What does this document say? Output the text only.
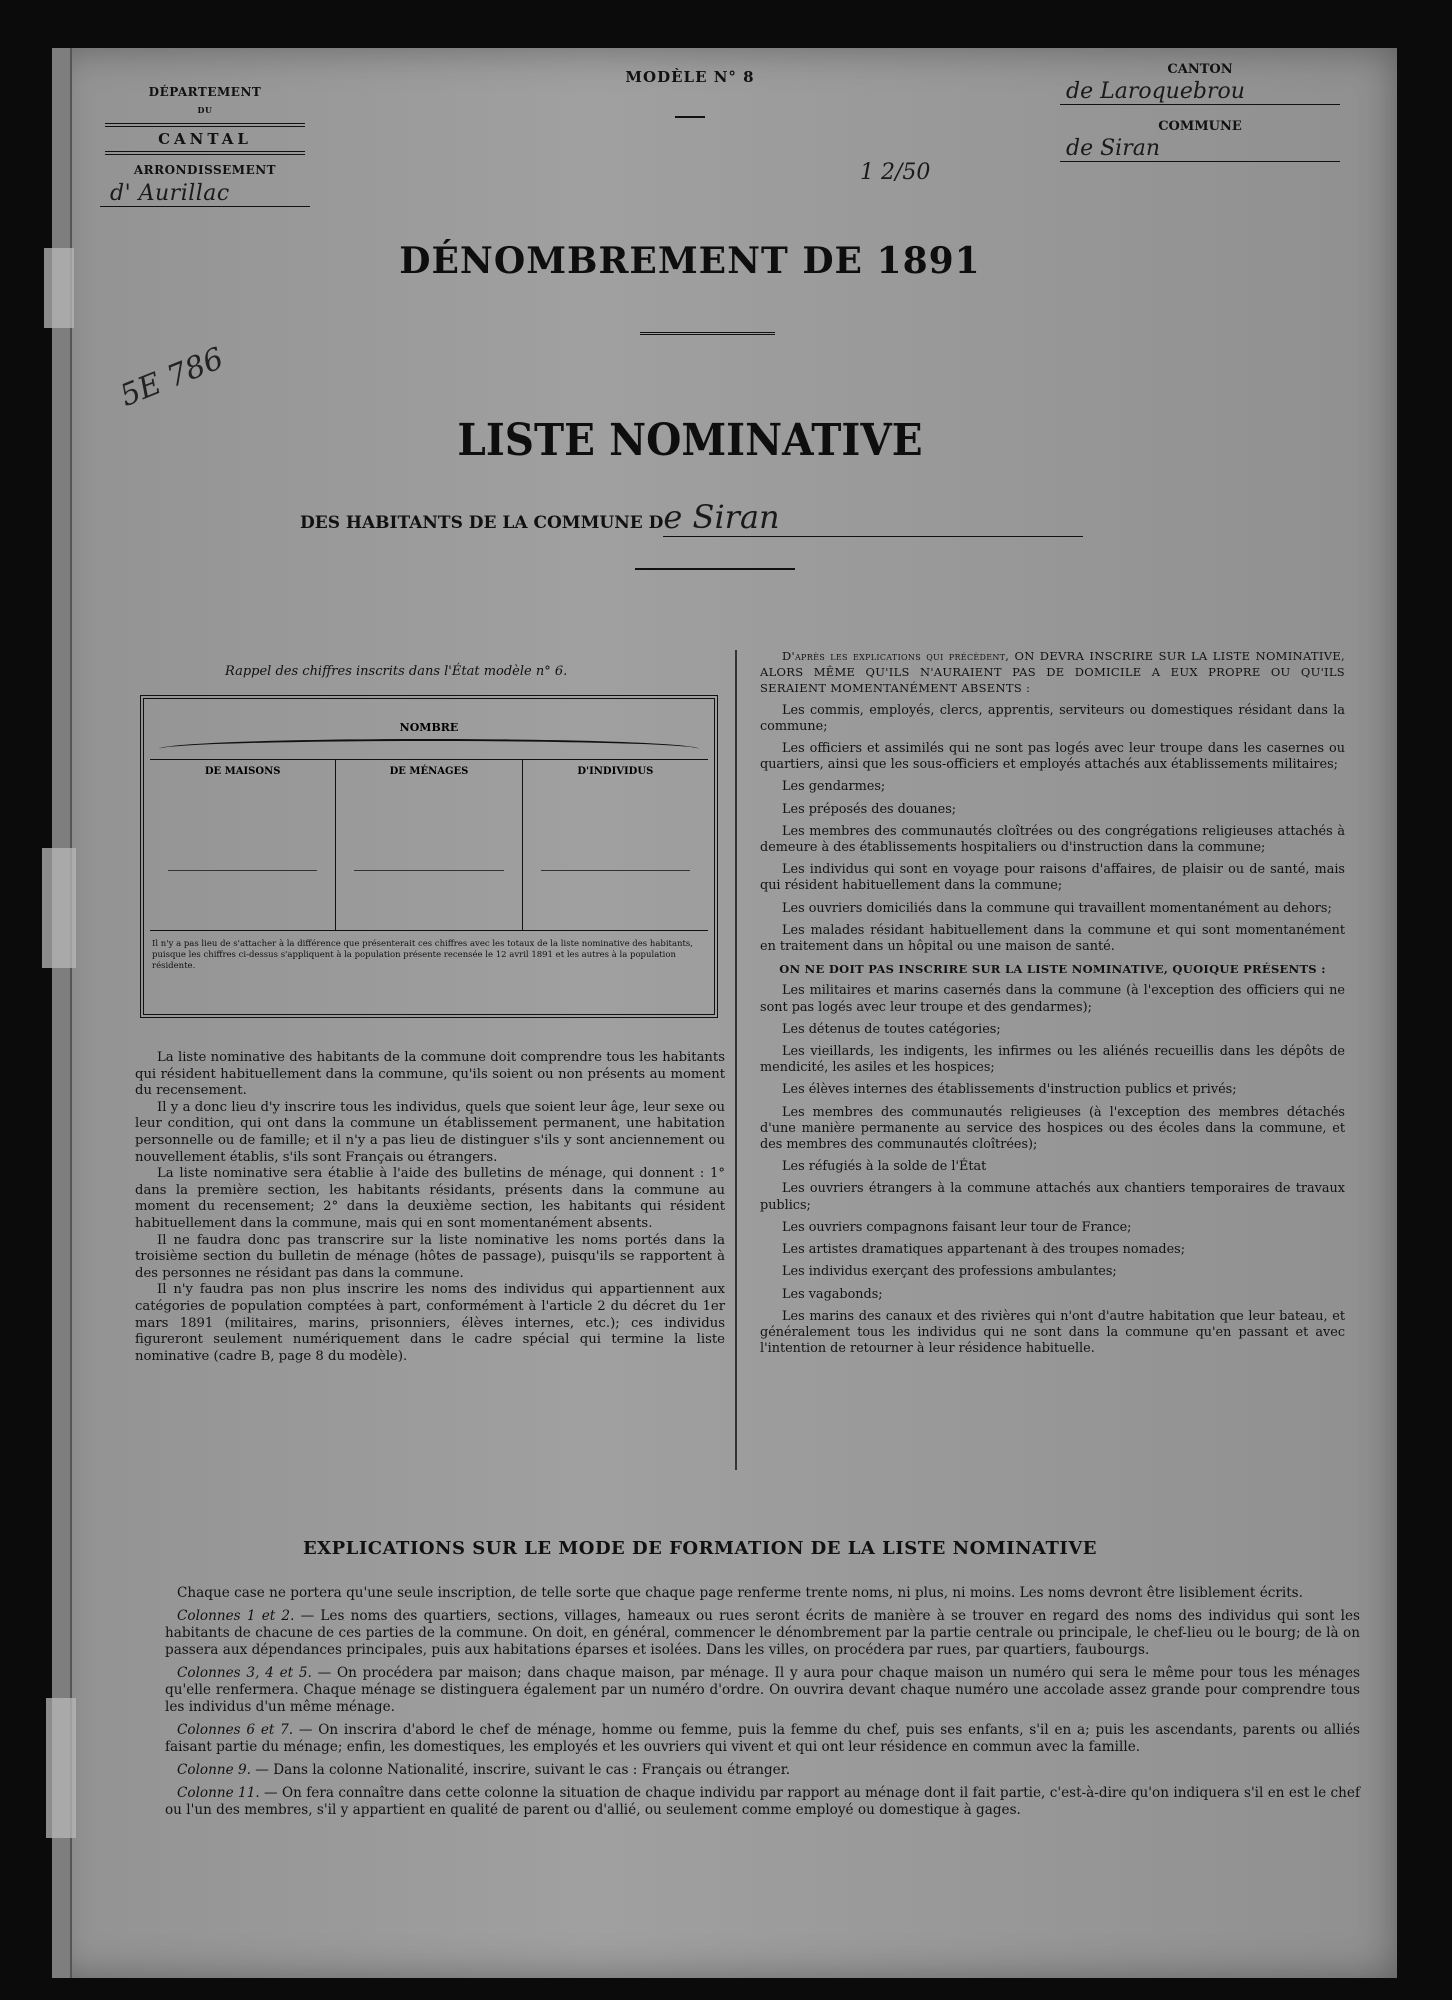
DÉPARTEMENT
DU
CANTAL
ARRONDISSEMENT
d' Aurillac
MODÈLE N° 8
1 2/50
CANTON
de Laroquebrou
COMMUNE
de Siran
DÉNOMBREMENT DE 1891
5E 786
LISTE NOMINATIVE
DES HABITANTS DE LA COMMUNE De Siran
Rappel des chiffres inscrits dans l'État modèle n° 6.
NOMBRE
DE MAISONS	DE MÉNAGES	D'INDIVIDUS
Il n'y a pas lieu de s'attacher à la différence que présenterait ces chiffres avec les totaux de la liste nominative des habitants, puisque les chiffres ci-dessus s'appliquent à la population présente recensée le 12 avril 1891 et les autres à la population résidente.

La liste nominative des habitants de la commune doit comprendre tous les habitants qui résident habituellement dans la commune, qu'ils soient ou non présents au moment du recensement.

Il y a donc lieu d'y inscrire tous les individus, quels que soient leur âge, leur sexe ou leur condition, qui ont dans la commune un établissement permanent, une habitation personnelle ou de famille; et il n'y a pas lieu de distinguer s'ils y sont anciennement ou nouvellement établis, s'ils sont Français ou étrangers.

La liste nominative sera établie à l'aide des bulletins de ménage, qui donnent : 1° dans la première section, les habitants résidants, présents dans la commune au moment du recensement; 2° dans la deuxième section, les habitants qui résident habituellement dans la commune, mais qui en sont momentanément absents.

Il ne faudra donc pas transcrire sur la liste nominative les noms portés dans la troisième section du bulletin de ménage (hôtes de passage), puisqu'ils se rapportent à des personnes ne résidant pas dans la commune.

Il n'y faudra pas non plus inscrire les noms des individus qui appartiennent aux catégories de population comptées à part, conformément à l'article 2 du décret du 1er mars 1891 (militaires, marins, prisonniers, élèves internes, etc.); ces individus figureront seulement numériquement dans le cadre spécial qui termine la liste nominative (cadre B, page 8 du modèle).

D'après les explications qui précèdent, ON DEVRA INSCRIRE SUR LA LISTE NOMINATIVE, ALORS MÊME QU'ILS N'AURAIENT PAS DE DOMICILE A EUX PROPRE OU QU'ILS SERAIENT MOMENTANÉMENT ABSENTS :

Les commis, employés, clercs, apprentis, serviteurs ou domestiques résidant dans la commune;

Les officiers et assimilés qui ne sont pas logés avec leur troupe dans les casernes ou quartiers, ainsi que les sous-officiers et employés attachés aux établissements militaires;

Les gendarmes;

Les préposés des douanes;

Les membres des communautés cloîtrées ou des congrégations religieuses attachés à demeure à des établissements hospitaliers ou d'instruction dans la commune;

Les individus qui sont en voyage pour raisons d'affaires, de plaisir ou de santé, mais qui résident habituellement dans la commune;

Les ouvriers domiciliés dans la commune qui travaillent momentanément au dehors;

Les malades résidant habituellement dans la commune et qui sont momentanément en traitement dans un hôpital ou une maison de santé.

ON NE DOIT PAS INSCRIRE SUR LA LISTE NOMINATIVE, QUOIQUE PRÉSENTS :

Les militaires et marins casernés dans la commune (à l'exception des officiers qui ne sont pas logés avec leur troupe et des gendarmes);

Les détenus de toutes catégories;

Les vieillards, les indigents, les infirmes ou les aliénés recueillis dans les dépôts de mendicité, les asiles et les hospices;

Les élèves internes des établissements d'instruction publics et privés;

Les membres des communautés religieuses (à l'exception des membres détachés d'une manière permanente au service des hospices ou des écoles dans la commune, et des membres des communautés cloîtrées);

Les réfugiés à la solde de l'État

Les ouvriers étrangers à la commune attachés aux chantiers temporaires de travaux publics;

Les ouvriers compagnons faisant leur tour de France;

Les artistes dramatiques appartenant à des troupes nomades;

Les individus exerçant des professions ambulantes;

Les vagabonds;

Les marins des canaux et des rivières qui n'ont d'autre habitation que leur bateau, et généralement tous les individus qui ne sont dans la commune qu'en passant et avec l'intention de retourner à leur résidence habituelle.

EXPLICATIONS SUR LE MODE DE FORMATION DE LA LISTE NOMINATIVE

Chaque case ne portera qu'une seule inscription, de telle sorte que chaque page renferme trente noms, ni plus, ni moins. Les noms devront être lisiblement écrits.

Colonnes 1 et 2. — Les noms des quartiers, sections, villages, hameaux ou rues seront écrits de manière à se trouver en regard des noms des individus qui sont les habitants de chacune de ces parties de la commune. On doit, en général, commencer le dénombrement par la partie centrale ou principale, le chef-lieu ou le bourg; de là on passera aux dépendances principales, puis aux habitations éparses et isolées. Dans les villes, on procédera par rues, par quartiers, faubourgs.

Colonnes 3, 4 et 5. — On procédera par maison; dans chaque maison, par ménage. Il y aura pour chaque maison un numéro qui sera le même pour tous les ménages qu'elle renfermera. Chaque ménage se distinguera également par un numéro d'ordre. On ouvrira devant chaque numéro une accolade assez grande pour comprendre tous les individus d'un même ménage.

Colonnes 6 et 7. — On inscrira d'abord le chef de ménage, homme ou femme, puis la femme du chef, puis ses enfants, s'il en a; puis les ascendants, parents ou alliés faisant partie du ménage; enfin, les domestiques, les employés et les ouvriers qui vivent et qui ont leur résidence en commun avec la famille.

Colonne 9. — Dans la colonne Nationalité, inscrire, suivant le cas : Français ou étranger.

Colonne 11. — On fera connaître dans cette colonne la situation de chaque individu par rapport au ménage dont il fait partie, c'est-à-dire qu'on indiquera s'il en est le chef ou l'un des membres, s'il y appartient en qualité de parent ou d'allié, ou seulement comme employé ou domestique à gages.
